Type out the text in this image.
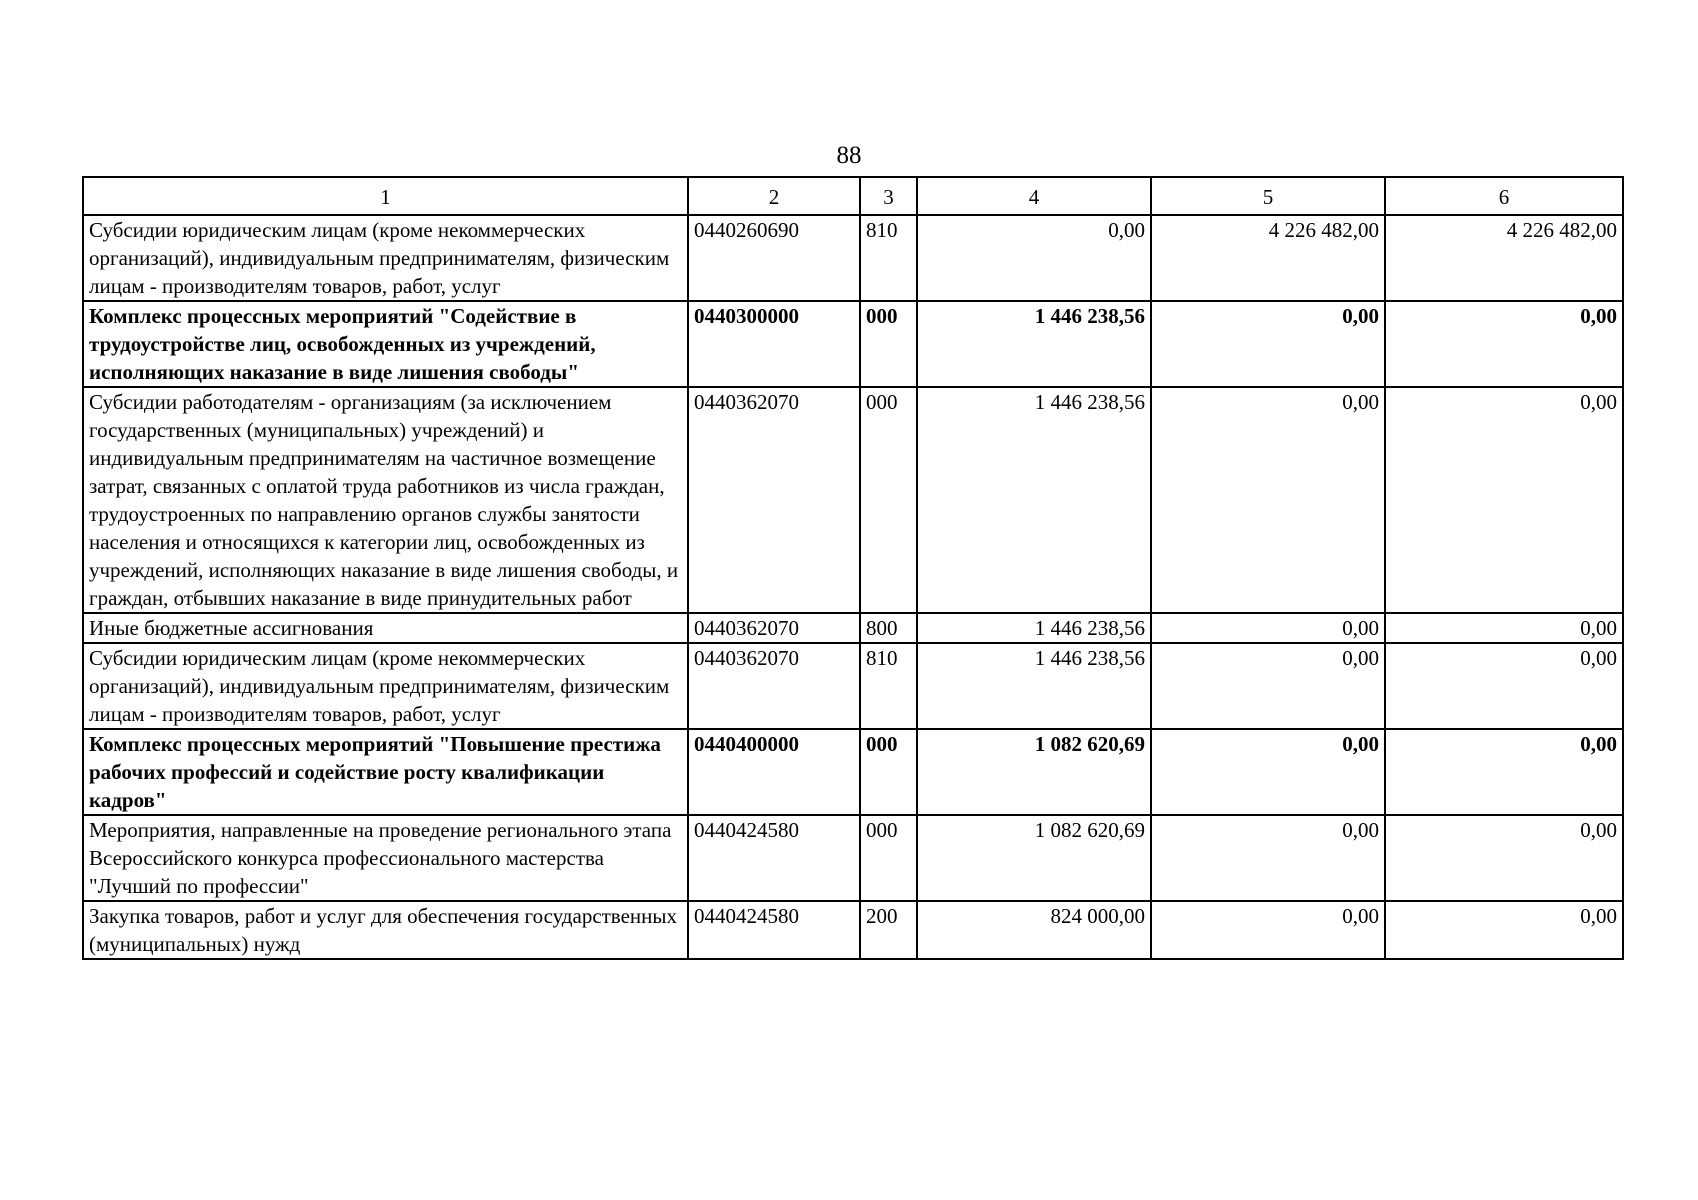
88
1	2	3	4	5	6
Субсидии юридическим лицам (кроме некоммерческих организаций), индивидуальным предпринимателям, физическим лицам - производителям товаров, работ, услуг	0440260690	810	0,00	4 226 482,00	4 226 482,00
Комплекс процессных мероприятий "Содействие в трудоустройстве лиц, освобожденных из учреждений, исполняющих наказание в виде лишения свободы"	0440300000	000	1 446 238,56	0,00	0,00
Субсидии работодателям - организациям (за исключением государственных (муниципальных) учреждений) и индивидуальным предпринимателям на частичное возмещение затрат, связанных с оплатой труда работников из числа граждан, трудоустроенных по направлению органов службы занятости населения и относящихся к категории лиц, освобожденных из учреждений, исполняющих наказание в виде лишения свободы, и граждан, отбывших наказание в виде принудительных работ	0440362070	000	1 446 238,56	0,00	0,00
Иные бюджетные ассигнования	0440362070	800	1 446 238,56	0,00	0,00
Субсидии юридическим лицам (кроме некоммерческих организаций), индивидуальным предпринимателям, физическим лицам - производителям товаров, работ, услуг	0440362070	810	1 446 238,56	0,00	0,00
Комплекс процессных мероприятий "Повышение престижа рабочих профессий и содействие росту квалификации кадров"	0440400000	000	1 082 620,69	0,00	0,00
Мероприятия, направленные на проведение регионального этапа Всероссийского конкурса профессионального мастерства "Лучший по профессии"	0440424580	000	1 082 620,69	0,00	0,00
Закупка товаров, работ и услуг для обеспечения государственных (муниципальных) нужд	0440424580	200	824 000,00	0,00	0,00
